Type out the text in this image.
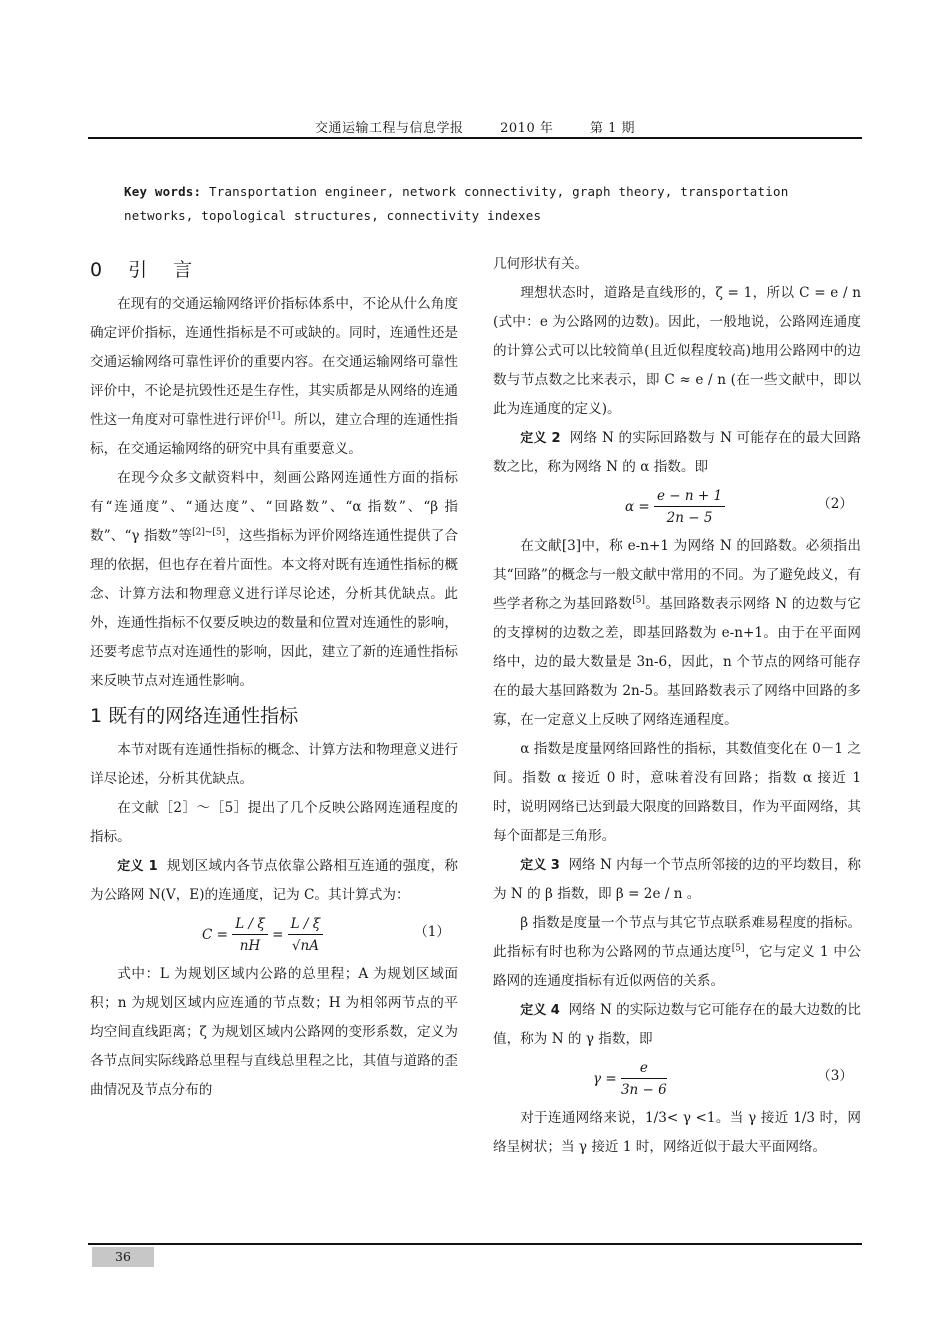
交通运输工程与信息学报	2010 年	第 1 期
Key words: Transportation engineer, network connectivity, graph theory, transportation networks, topological structures, connectivity indexes

0 引 言

在现有的交通运输网络评价指标体系中，不论从什么角度确定评价指标，连通性指标是不可或缺的。同时，连通性还是交通运输网络可靠性评价的重要内容。在交通运输网络可靠性评价中，不论是抗毁性还是生存性，其实质都是从网络的连通性这一角度对可靠性进行评价[1]。所以，建立合理的连通性指标，在交通运输网络的研究中具有重要意义。

在现今众多文献资料中，刻画公路网连通性方面的指标有“连通度”、“通达度”、“回路数”、“α 指数”、“β 指数”、“γ 指数”等[2]~[5]，这些指标为评价网络连通性提供了合理的依据，但也存在着片面性。本文将对既有连通性指标的概念、计算方法和物理意义进行详尽论述，分析其优缺点。此外，连通性指标不仅要反映边的数量和位置对连通性的影响，还要考虑节点对连通性的影响，因此，建立了新的连通性指标来反映节点对连通性影响。

1 既有的网络连通性指标

本节对既有连通性指标的概念、计算方法和物理意义进行详尽论述，分析其优缺点。

在文献［2］～［5］提出了几个反映公路网连通程度的指标。

定义 1 规划区域内各节点依靠公路相互连通的强度，称为公路网 N(V，E)的连通度，记为 C。其计算式为：

$C = \frac{L / \xi}{nH} = \frac{L / \xi}{√nA}$	（1）

式中：L 为规划区域内公路的总里程；A 为规划区域面积；n 为规划区域内应连通的节点数；H 为相邻两节点的平均空间直线距离；ζ 为规划区域内公路网的变形系数，定义为各节点间实际线路总里程与直线总里程之比，其值与道路的歪曲情况及节点分布的

几何形状有关。

理想状态时，道路是直线形的，ζ = 1，所以 C = e / n (式中：e 为公路网的边数)。因此，一般地说，公路网连通度的计算公式可以比较简单(且近似程度较高)地用公路网中的边数与节点数之比来表示，即 C ≈ e / n (在一些文献中，即以此为连通度的定义)。

定义 2 网络 N 的实际回路数与 N 可能存在的最大回路数之比，称为网络 N 的 α 指数。即

$\alpha = \frac{e - n + 1}{2n - 5}$	（2）

在文献[3]中，称 e-n+1 为网络 N 的回路数。必须指出其“回路”的概念与一般文献中常用的不同。为了避免歧义，有些学者称之为基回路数[5]。基回路数表示网络 N 的边数与它的支撑树的边数之差，即基回路数为 e-n+1。由于在平面网络中，边的最大数量是 3n-6，因此，n 个节点的网络可能存在的最大基回路数为 2n-5。基回路数表示了网络中回路的多寡，在一定意义上反映了网络连通程度。

α 指数是度量网络回路性的指标，其数值变化在 0－1 之间。指数 α 接近 0 时，意味着没有回路；指数 α 接近 1 时，说明网络已达到最大限度的回路数目，作为平面网络，其每个面都是三角形。

定义 3 网络 N 内每一个节点所邻接的边的平均数目，称为 N 的 β 指数，即 β = 2e / n 。

β 指数是度量一个节点与其它节点联系难易程度的指标。此指标有时也称为公路网的节点通达度[5]，它与定义 1 中公路网的连通度指标有近似两倍的关系。

定义 4 网络 N 的实际边数与它可能存在的最大边数的比值，称为 N 的 γ 指数，即

$\gamma = \frac{e}{3n - 6}$	（3）

对于连通网络来说，1/3< γ <1。当 γ 接近 1/3 时，网络呈树状；当 γ 接近 1 时，网络近似于最大平面网络。

36
